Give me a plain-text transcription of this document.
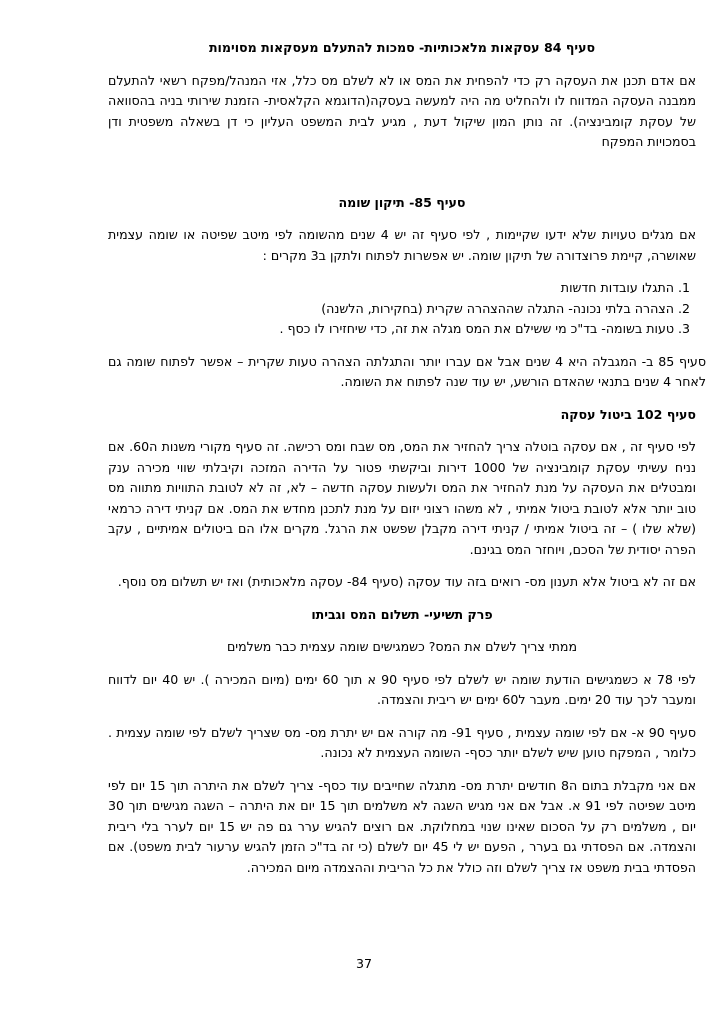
סעיף 84 עסקאות מלאכותיות- סמכות להתעלם מעסקאות מסוימות

אם אדם תכנן את העסקה רק כדי להפחית את המס או לא לשלם מס כלל, אזי המנהל/מפקח רשאי להתעלם ממבנה העסקה המדווח לו ולהחליט מה היה למעשה בעסקה(הדוגמא הקלאסית- הזמנת שירותי בניה בהסוואה של עסקת קומבינציה). זה נותן המון שיקול דעת , מגיע לבית המשפט העליון כי דן בשאלה משפטית ודן בסמכויות המפקח

סעיף 85- תיקון שומה

אם מגלים טעויות שלא ידעו שקיימות , לפי סעיף זה יש 4 שנים מהשומה לפי מיטב שפיטה או שומה עצמית שאושרה, קיימת פרוצדורה של תיקון שומה. יש אפשרות לפתוח ולתקן ב3 מקרים :

1. התגלו עובדות חדשות
2. הצהרה בלתי נכונה- התגלה שההצהרה שקרית (בחקירות, הלשנה)
3. טעות בשומה- בד"כ מי ששילם את המס מגלה את זה, כדי שיחזירו לו כסף .

סעיף 85 ב- המגבלה היא 4 שנים אבל אם עברו יותר והתגלתה הצהרה טעות שקרית – אפשר לפתוח שומה גם לאחר 4 שנים בתנאי שהאדם הורשע, יש עוד שנה לפתוח את השומה.

סעיף 102 ביטול עסקה

לפי סעיף זה , אם עסקה בוטלה צריך להחזיר את המס, מס שבח ומס רכישה. זה סעיף מקורי משנות ה60. אם נניח עשיתי עסקת קומבינציה של 1000 דירות וביקשתי פטור על הדירה המזכה וקיבלתי שווי מכירה ענק ומבטלים את העסקה על מנת להחזיר את המס ולעשות עסקה חדשה – לא, זה לא לטובת התוויות מתווה מס טוב יותר אלא לטובת ביטול אמיתי , לא משהו רצוני יזום על מנת לתכנן מחדש את המס. אם קניתי דירה כרמאי (שלא שלו ) – זה ביטול אמיתי / קניתי דירה מקבלן שפשט את הרגל. מקרים אלו הם ביטולים אמיתיים , עקב הפרה יסודית של הסכם, ויוחזר המס בגינם.

אם זה לא ביטול אלא תענון מס- רואים בזה עוד עסקה (סעיף 84- עסקה מלאכותית) ואז יש תשלום מס נוסף.

פרק תשיעי- תשלום המס וגביתו

ממתי צריך לשלם את המס? כשמגישים שומה עצמית כבר משלמים

לפי 78 א כשמגישים הודעת שומה יש לשלם לפי סעיף 90 א תוך 60 ימים (מיום המכירה ). יש 40 יום לדווח ומעבר לכך עוד 20 ימים. מעבר ל60 ימים יש ריבית והצמדה.

סעיף 90 א- אם לפי שומה עצמית , סעיף 91- מה קורה אם יש יתרת מס- מס שצריך לשלם לפי שומה עצמית . כלומר , המפקח טוען שיש לשלם יותר כסף- השומה העצמית לא נכונה.

אם אני מקבלת בתום ה8 חודשים יתרת מס- מתגלה שחייבים עוד כסף- צריך לשלם את היתרה תוך 15 יום לפי מיטב שפיטה לפי 91 א. אבל אם אני מגיש השגה לא משלמים תוך 15 יום את היתרה – השגה מגישים תוך 30 יום , משלמים רק על הסכום שאינו שנוי במחלוקת. אם רוצים להגיש ערר גם פה יש 15 יום לערר בלי ריבית והצמדה. אם הפסדתי גם בערר , הפעם יש לי 45 יום לשלם (כי זה בד"כ הזמן להגיש ערעור לבית משפט). אם הפסדתי בבית משפט אז צריך לשלם וזה כולל את כל הריבית וההצמדה מיום המכירה.

37
